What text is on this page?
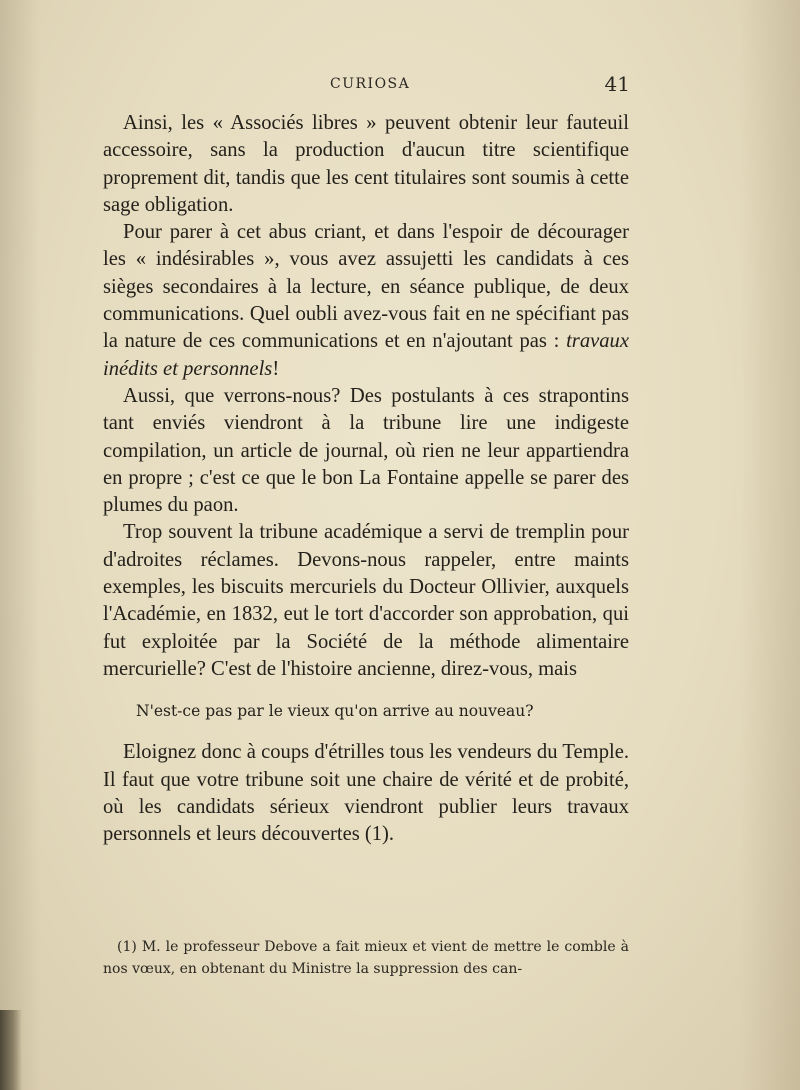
CURIOSA	41

Ainsi, les « Associés libres » peuvent obtenir leur fauteuil accessoire, sans la production d'aucun titre scientifique proprement dit, tandis que les cent titulaires sont soumis à cette sage obligation.

Pour parer à cet abus criant, et dans l'espoir de décourager les « indésirables », vous avez assujetti les candidats à ces sièges secondaires à la lecture, en séance publique, de deux communications. Quel oubli avez-vous fait en ne spécifiant pas la nature de ces communications et en n'ajoutant pas : travaux inédits et personnels!

Aussi, que verrons-nous? Des postulants à ces strapontins tant enviés viendront à la tribune lire une indigeste compilation, un article de journal, où rien ne leur appartiendra en propre ; c'est ce que le bon La Fontaine appelle se parer des plumes du paon.

Trop souvent la tribune académique a servi de tremplin pour d'adroites réclames. Devons-nous rappeler, entre maints exemples, les biscuits mercuriels du Docteur Ollivier, auxquels l'Académie, en 1832, eut le tort d'accorder son approbation, qui fut exploitée par la Société de la méthode alimentaire mercurielle? C'est de l'histoire ancienne, direz-vous, mais

N'est-ce pas par le vieux qu'on arrive au nouveau?

Eloignez donc à coups d'étrilles tous les vendeurs du Temple. Il faut que votre tribune soit une chaire de vérité et de probité, où les candidats sérieux viendront publier leurs travaux personnels et leurs découvertes (1).

(1) M. le professeur Debove a fait mieux et vient de mettre le comble à nos vœux, en obtenant du Ministre la suppression des can-
